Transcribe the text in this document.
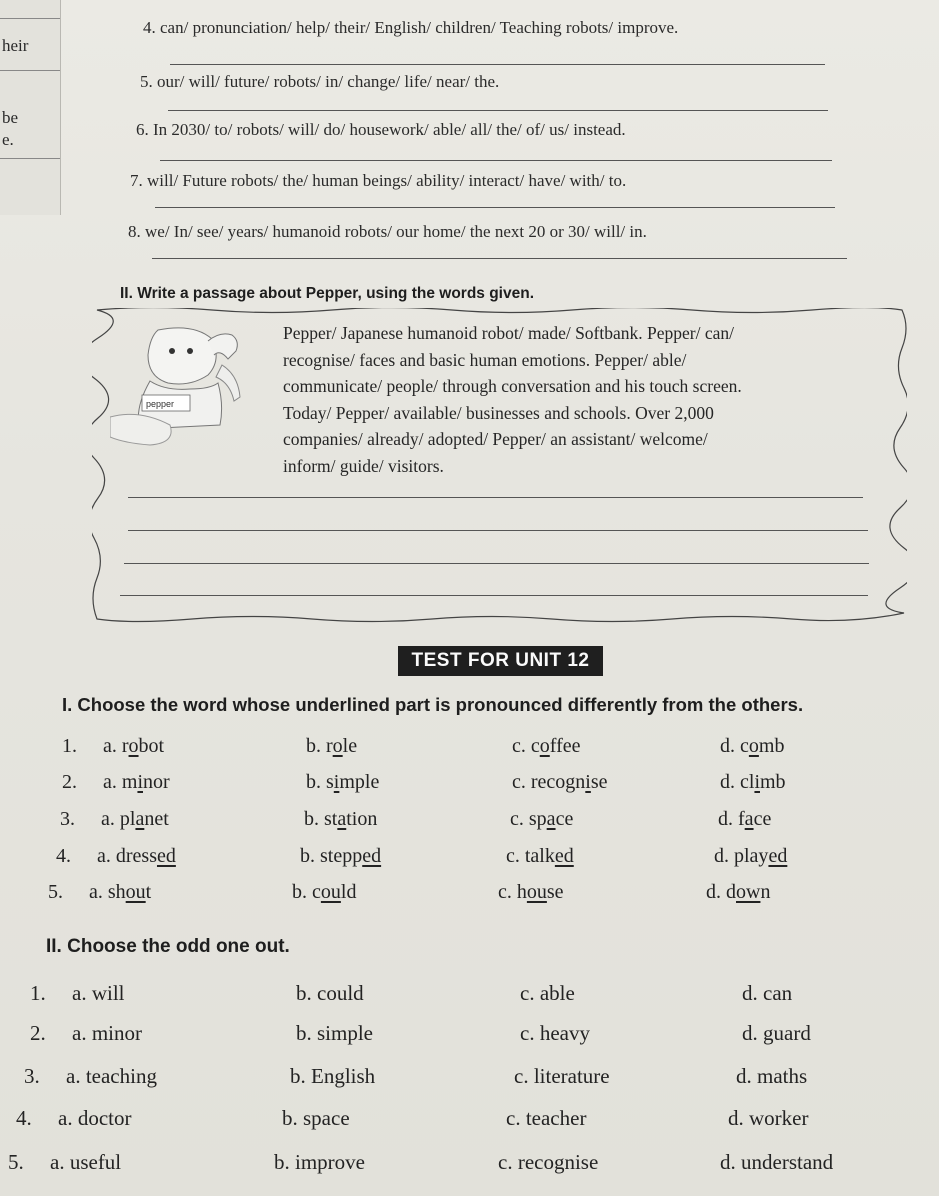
heir
be
e.
4. can/ pronunciation/ help/ their/ English/ children/ Teaching robots/ improve.
5. our/ will/ future/ robots/ in/ change/ life/ near/ the.
6. In 2030/ to/ robots/ will/ do/ housework/ able/ all/ the/ of/ us/ instead.
7. will/ Future robots/ the/ human beings/ ability/ interact/ have/ with/ to.
8. we/ In/ see/ years/ humanoid robots/ our home/ the next 20 or 30/ will/ in.
II. Write a passage about Pepper, using the words given.
pepper
Pepper/ Japanese humanoid robot/ made/ Softbank. Pepper/ can/
recognise/ faces and basic human emotions. Pepper/ able/
communicate/ people/ through conversation and his touch screen.
Today/ Pepper/ available/ businesses and schools. Over 2,000
companies/ already/ adopted/ Pepper/ an assistant/ welcome/
inform/ guide/ visitors.
TEST FOR UNIT 12
I. Choose the word whose underlined part is pronounced differently from the others.
1. a. robot	b. role	c. coffee	d. comb
2. a. minor	b. simple	c. recognise	d. climb
3. a. planet	b. station	c. space	d. face
4. a. dressed	b. stepped	c. talked	d. played
5. a. shout	b. could	c. house	d. down
II. Choose the odd one out.
1. a. will	b. could	c. able	d. can
2. a. minor	b. simple	c. heavy	d. guard
3. a. teaching	b. English	c. literature	d. maths
4. a. doctor	b. space	c. teacher	d. worker
5. a. useful	b. improve	c. recognise	d. understand
